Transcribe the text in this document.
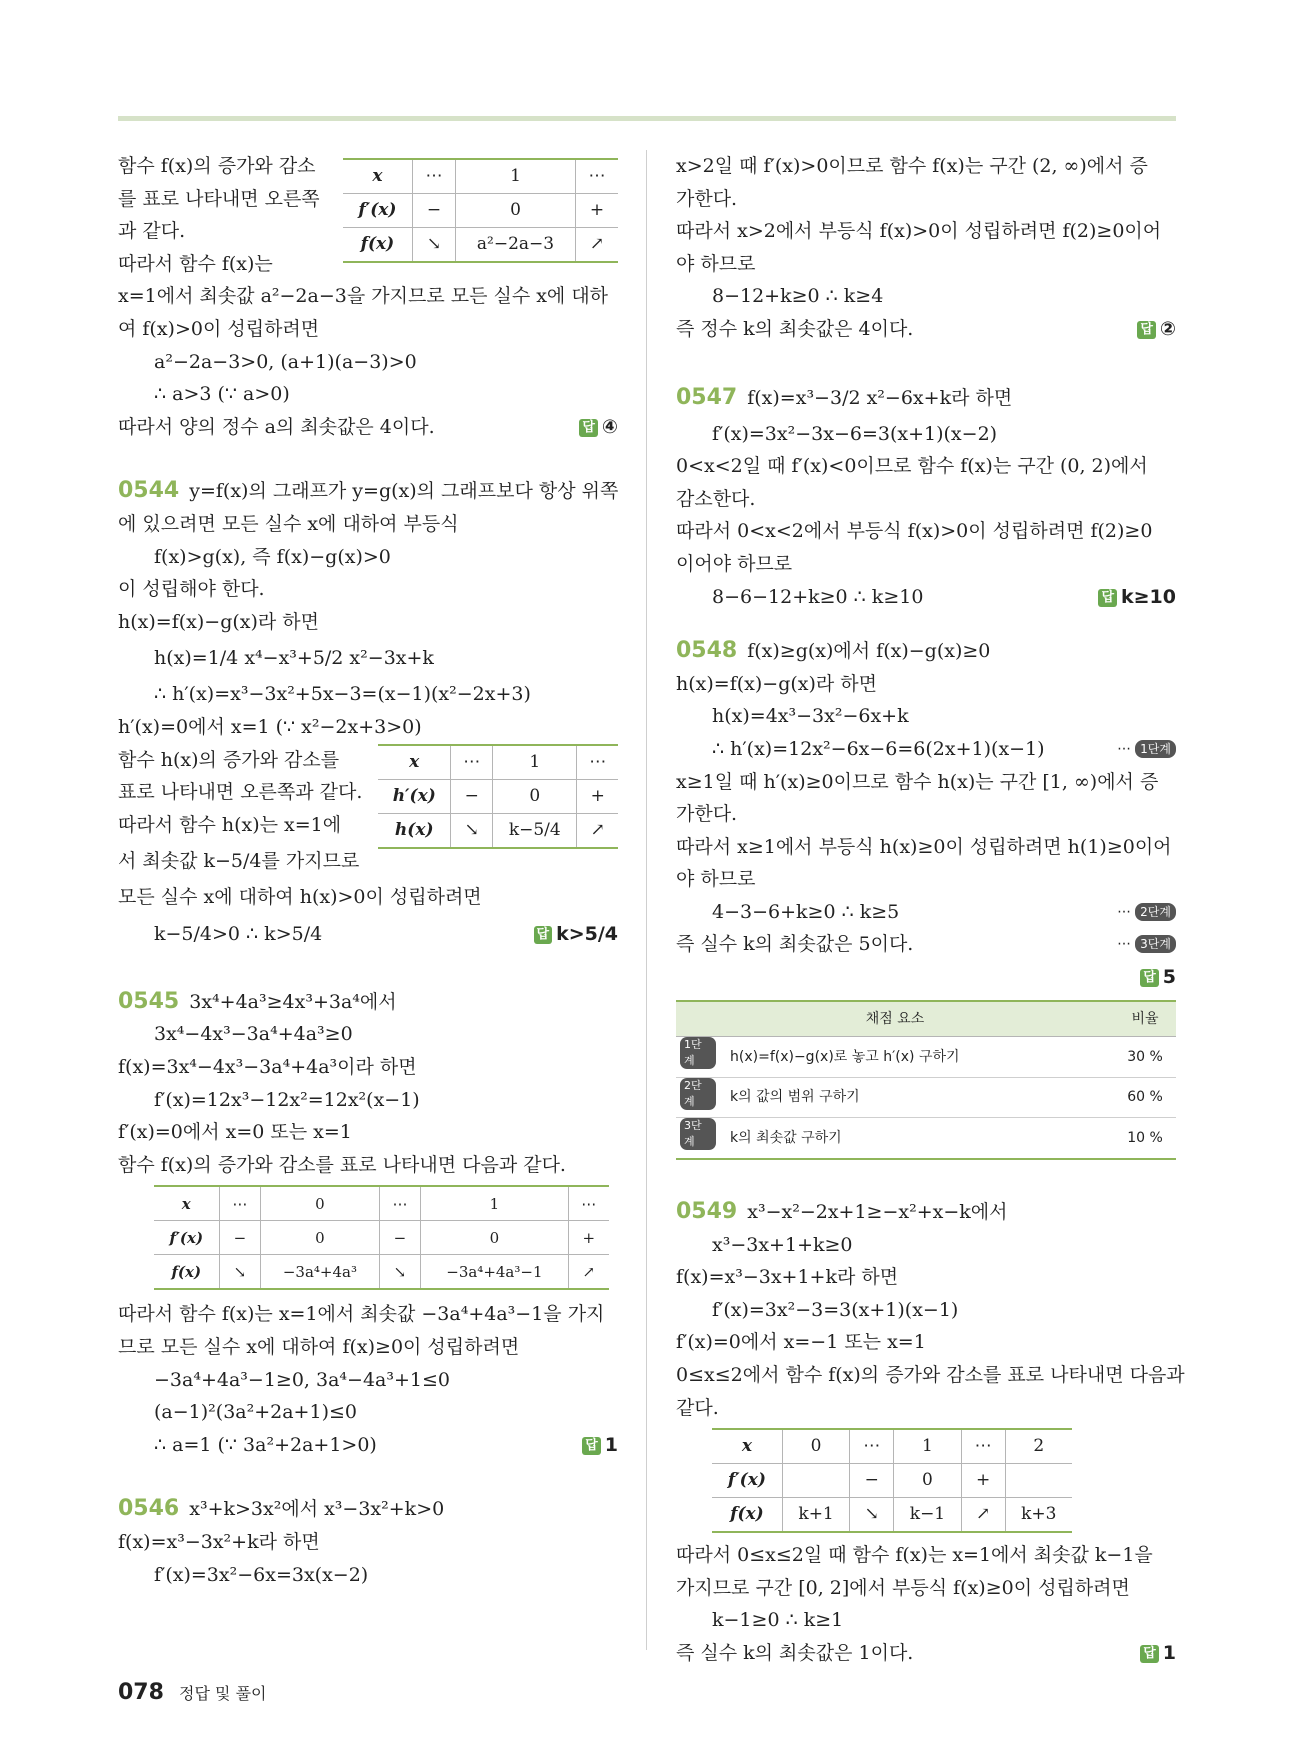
함수 f(x)의 증가와 감소
를 표로 나타내면 오른쪽
과 같다.
따라서 함수 f(x)는
x	⋯	1	⋯
f′(x)	−	0	+
f(x)	↘	a²−2a−3	↗
x=1에서 최솟값 a²−2a−3을 가지므로 모든 실수 x에 대하
여 f(x)>0이 성립하려면
a²−2a−3>0, (a+1)(a−3)>0
∴ a>3 (∵ a>0)
따라서 양의 정수 a의 최솟값은 4이다.	답 ④
0544 y=f(x)의 그래프가 y=g(x)의 그래프보다 항상 위쪽
에 있으려면 모든 실수 x에 대하여 부등식
f(x)>g(x), 즉 f(x)−g(x)>0
이 성립해야 한다.
h(x)=f(x)−g(x)라 하면
h(x)=1/4 x⁴−x³+5/2 x²−3x+k
∴ h′(x)=x³−3x²+5x−3=(x−1)(x²−2x+3)
h′(x)=0에서 x=1 (∵ x²−2x+3>0)
함수 h(x)의 증가와 감소를
표로 나타내면 오른쪽과 같다.
따라서 함수 h(x)는 x=1에
서 최솟값 k−5/4를 가지므로
x	⋯	1	⋯
h′(x)	−	0	+
h(x)	↘	k−5/4	↗
모든 실수 x에 대하여 h(x)>0이 성립하려면
k−5/4>0 ∴ k>5/4	답 k>5/4
0545 3x⁴+4a³≥4x³+3a⁴에서
3x⁴−4x³−3a⁴+4a³≥0
f(x)=3x⁴−4x³−3a⁴+4a³이라 하면
f′(x)=12x³−12x²=12x²(x−1)
f′(x)=0에서 x=0 또는 x=1
함수 f(x)의 증가와 감소를 표로 나타내면 다음과 같다.
x	⋯	0	⋯	1	⋯
f′(x)	−	0	−	0	+
f(x)	↘	−3a⁴+4a³	↘	−3a⁴+4a³−1	↗
따라서 함수 f(x)는 x=1에서 최솟값 −3a⁴+4a³−1을 가지
므로 모든 실수 x에 대하여 f(x)≥0이 성립하려면
−3a⁴+4a³−1≥0, 3a⁴−4a³+1≤0
(a−1)²(3a²+2a+1)≤0
∴ a=1 (∵ 3a²+2a+1>0)	답 1
0546 x³+k>3x²에서 x³−3x²+k>0
f(x)=x³−3x²+k라 하면
f′(x)=3x²−6x=3x(x−2)
x>2일 때 f′(x)>0이므로 함수 f(x)는 구간 (2, ∞)에서 증
가한다.
따라서 x>2에서 부등식 f(x)>0이 성립하려면 f(2)≥0이어
야 하므로
8−12+k≥0 ∴ k≥4
즉 정수 k의 최솟값은 4이다.	답 ②
0547 f(x)=x³−3/2 x²−6x+k라 하면
f′(x)=3x²−3x−6=3(x+1)(x−2)
0<x<2일 때 f′(x)<0이므로 함수 f(x)는 구간 (0, 2)에서
감소한다.
따라서 0<x<2에서 부등식 f(x)>0이 성립하려면 f(2)≥0
이어야 하므로
8−6−12+k≥0 ∴ k≥10	답 k≥10
0548 f(x)≥g(x)에서 f(x)−g(x)≥0
h(x)=f(x)−g(x)라 하면
h(x)=4x³−3x²−6x+k
∴ h′(x)=12x²−6x−6=6(2x+1)(x−1)	⋯ 1단계
x≥1일 때 h′(x)≥0이므로 함수 h(x)는 구간 [1, ∞)에서 증
가한다.
따라서 x≥1에서 부등식 h(x)≥0이 성립하려면 h(1)≥0이어
야 하므로
4−3−6+k≥0 ∴ k≥5	⋯ 2단계
즉 실수 k의 최솟값은 5이다.	⋯ 3단계
답 5

채점 요소		비율
1단계	h(x)=f(x)−g(x)로 놓고 h′(x) 구하기	30 %
2단계	k의 값의 범위 구하기	60 %
3단계	k의 최솟값 구하기	10 %
0549 x³−x²−2x+1≥−x²+x−k에서
x³−3x+1+k≥0
f(x)=x³−3x+1+k라 하면
f′(x)=3x²−3=3(x+1)(x−1)
f′(x)=0에서 x=−1 또는 x=1
0≤x≤2에서 함수 f(x)의 증가와 감소를 표로 나타내면 다음과
같다.
x	0	⋯	1	⋯	2
f′(x)		−	0	+	
f(x)	k+1	↘	k−1	↗	k+3
따라서 0≤x≤2일 때 함수 f(x)는 x=1에서 최솟값 k−1을
가지므로 구간 [0, 2]에서 부등식 f(x)≥0이 성립하려면
k−1≥0 ∴ k≥1
즉 실수 k의 최솟값은 1이다.	답 1
078 정답 및 풀이
